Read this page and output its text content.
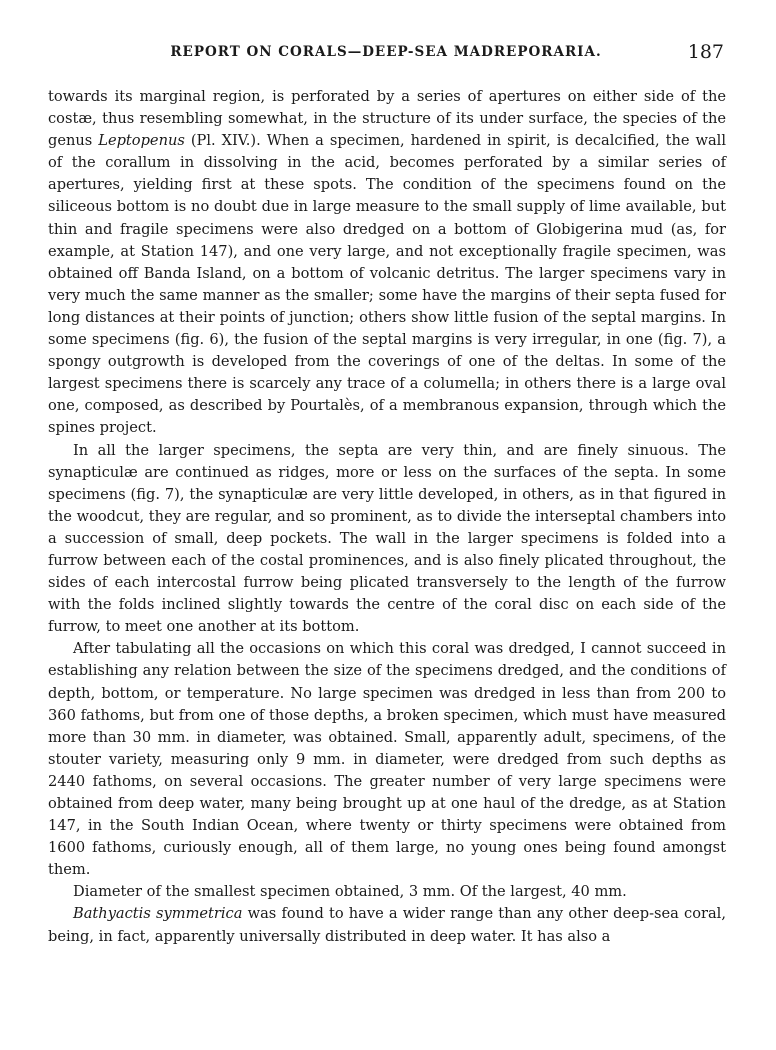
REPORT ON CORALS—DEEP-SEA MADREPORARIA.	187

towards its marginal region, is perforated by a series of apertures on either side of the costæ, thus resembling somewhat, in the structure of its under surface, the species of the genus Leptopenus (Pl. XIV.). When a specimen, hardened in spirit, is decalcified, the wall of the corallum in dissolving in the acid, becomes perforated by a similar series of apertures, yielding first at these spots. The condition of the specimens found on the siliceous bottom is no doubt due in large measure to the small supply of lime available, but thin and fragile specimens were also dredged on a bottom of Globigerina mud (as, for example, at Station 147), and one very large, and not exceptionally fragile specimen, was obtained off Banda Island, on a bottom of volcanic detritus. The larger specimens vary in very much the same manner as the smaller; some have the margins of their septa fused for long distances at their points of junction; others show little fusion of the septal margins. In some specimens (fig. 6), the fusion of the septal margins is very irregular, in one (fig. 7), a spongy outgrowth is developed from the coverings of one of the deltas. In some of the largest specimens there is scarcely any trace of a columella; in others there is a large oval one, composed, as described by Pourtalès, of a membranous expansion, through which the spines project.

In all the larger specimens, the septa are very thin, and are finely sinuous. The synapticulæ are continued as ridges, more or less on the surfaces of the septa. In some specimens (fig. 7), the synapticulæ are very little developed, in others, as in that figured in the woodcut, they are regular, and so prominent, as to divide the interseptal chambers into a succession of small, deep pockets. The wall in the larger specimens is folded into a furrow between each of the costal prominences, and is also finely plicated throughout, the sides of each intercostal furrow being plicated transversely to the length of the furrow with the folds inclined slightly towards the centre of the coral disc on each side of the furrow, to meet one another at its bottom.

After tabulating all the occasions on which this coral was dredged, I cannot succeed in establishing any relation between the size of the specimens dredged, and the conditions of depth, bottom, or temperature. No large specimen was dredged in less than from 200 to 360 fathoms, but from one of those depths, a broken specimen, which must have measured more than 30 mm. in diameter, was obtained. Small, apparently adult, specimens, of the stouter variety, measuring only 9 mm. in diameter, were dredged from such depths as 2440 fathoms, on several occasions. The greater number of very large specimens were obtained from deep water, many being brought up at one haul of the dredge, as at Station 147, in the South Indian Ocean, where twenty or thirty specimens were obtained from 1600 fathoms, curiously enough, all of them large, no young ones being found amongst them.

Diameter of the smallest specimen obtained, 3 mm. Of the largest, 40 mm.

Bathyactis symmetrica was found to have a wider range than any other deep-sea coral, being, in fact, apparently universally distributed in deep water. It has also a
